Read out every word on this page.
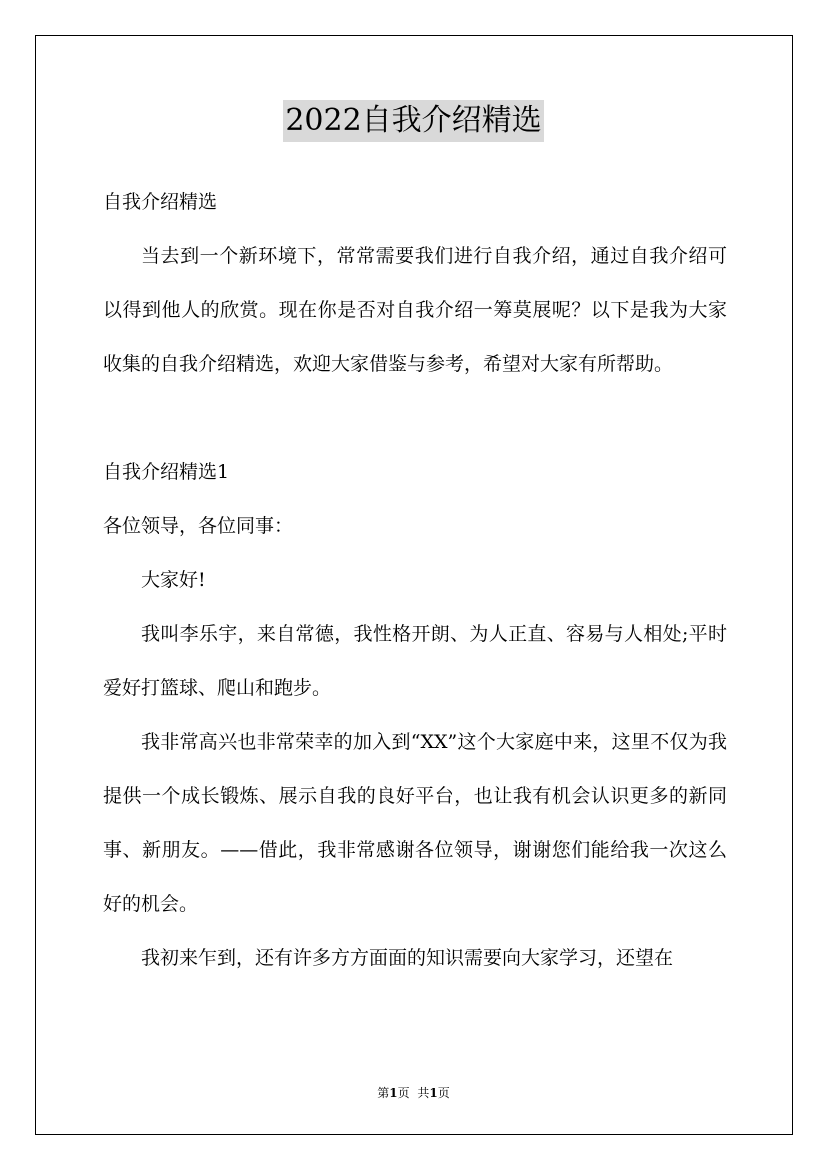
2022自我介绍精选

自我介绍精选

当去到一个新环境下，常常需要我们进行自我介绍，通过自我介绍可以得到他人的欣赏。现在你是否对自我介绍一筹莫展呢？以下是我为大家收集的自我介绍精选，欢迎大家借鉴与参考，希望对大家有所帮助。

自我介绍精选1

各位领导，各位同事：

大家好!

我叫李乐宇，来自常德，我性格开朗、为人正直、容易与人相处;平时爱好打篮球、爬山和跑步。

我非常高兴也非常荣幸的加入到“XX”这个大家庭中来，这里不仅为我提供一个成长锻炼、展示自我的良好平台，也让我有机会认识更多的新同事、新朋友。——借此，我非常感谢各位领导，谢谢您们能给我一次这么好的机会。

我初来乍到，还有许多方方面面的知识需要向大家学习，还望在

第1页 共1页
